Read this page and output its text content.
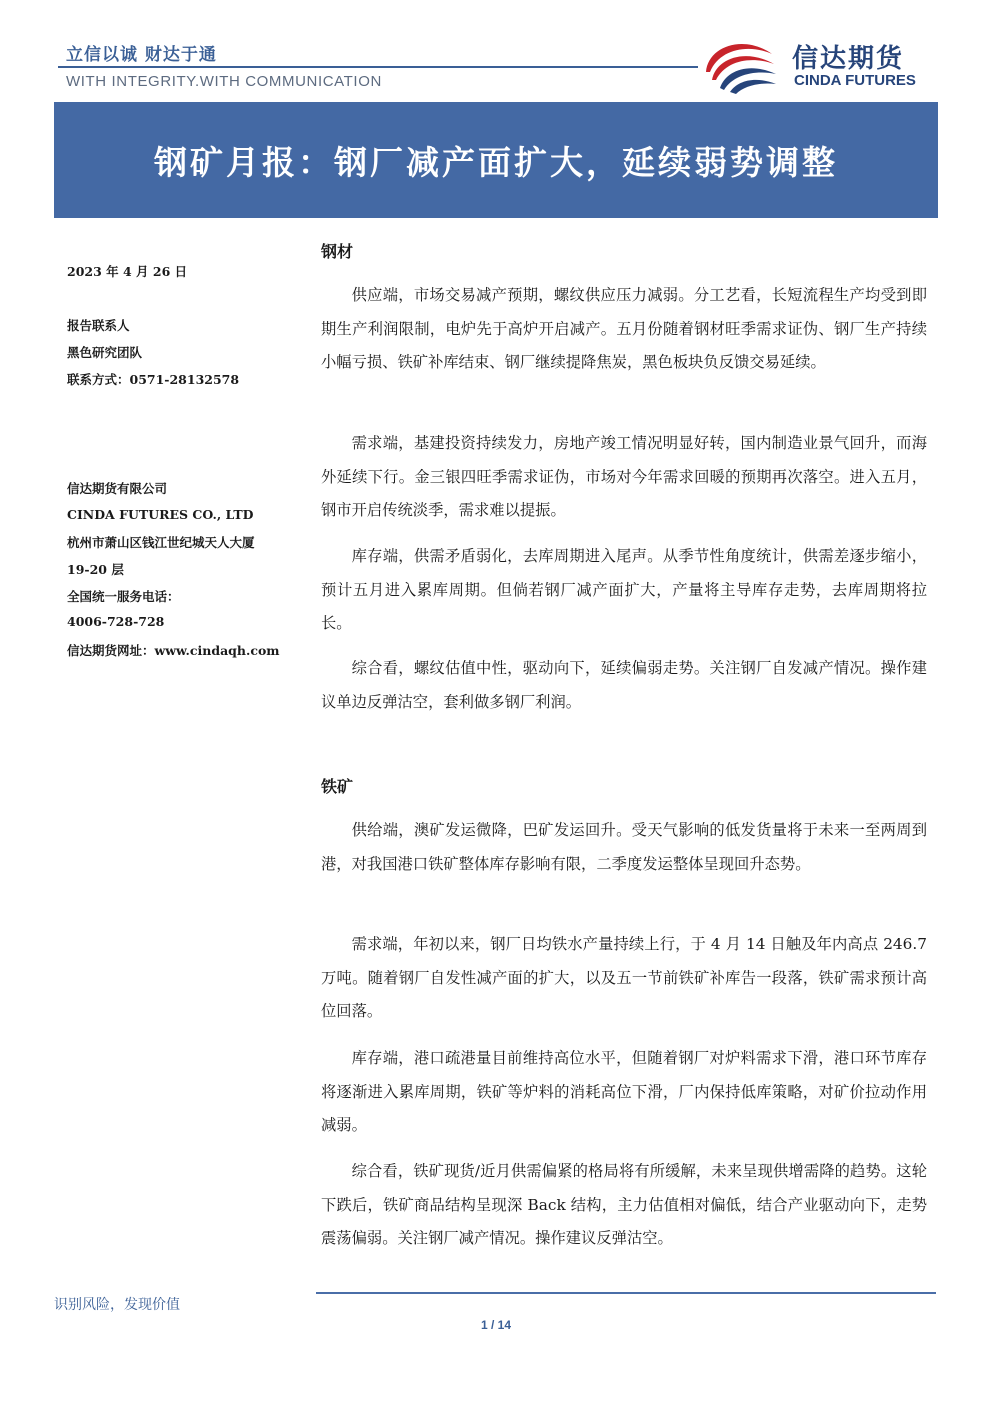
立信以诚 财达于通
WITH INTEGRITY.WITH COMMUNICATION
信达期货
CINDA FUTURES
钢矿月报：钢厂减产面扩大，延续弱势调整
2023 年 4 月 26 日
报告联系人
黑色研究团队
联系方式：0571-28132578
信达期货有限公司
CINDA FUTURES CO., LTD
杭州市萧山区钱江世纪城天人大厦
19-20 层
全国统一服务电话：
4006-728-728
信达期货网址：www.cindaqh.com
钢材

供应端，市场交易减产预期，螺纹供应压力减弱。分工艺看，长短流程生产均受到即期生产利润限制，电炉先于高炉开启减产。五月份随着钢材旺季需求证伪、钢厂生产持续小幅亏损、铁矿补库结束、钢厂继续提降焦炭，黑色板块负反馈交易延续。

需求端，基建投资持续发力，房地产竣工情况明显好转，国内制造业景气回升，而海外延续下行。金三银四旺季需求证伪，市场对今年需求回暖的预期再次落空。进入五月，钢市开启传统淡季，需求难以提振。

库存端，供需矛盾弱化，去库周期进入尾声。从季节性角度统计，供需差逐步缩小，预计五月进入累库周期。但倘若钢厂减产面扩大，产量将主导库存走势，去库周期将拉长。

综合看，螺纹估值中性，驱动向下，延续偏弱走势。关注钢厂自发减产情况。操作建议单边反弹沽空，套利做多钢厂利润。

铁矿

供给端，澳矿发运微降，巴矿发运回升。受天气影响的低发货量将于未来一至两周到港，对我国港口铁矿整体库存影响有限，二季度发运整体呈现回升态势。

需求端，年初以来，钢厂日均铁水产量持续上行，于 4 月 14 日触及年内高点 246.7 万吨。随着钢厂自发性减产面的扩大，以及五一节前铁矿补库告一段落，铁矿需求预计高位回落。

库存端，港口疏港量目前维持高位水平，但随着钢厂对炉料需求下滑，港口环节库存将逐渐进入累库周期，铁矿等炉料的消耗高位下滑，厂内保持低库策略，对矿价拉动作用减弱。

综合看，铁矿现货/近月供需偏紧的格局将有所缓解，未来呈现供增需降的趋势。这轮下跌后，铁矿商品结构呈现深 Back 结构，主力估值相对偏低，结合产业驱动向下，走势震荡偏弱。关注钢厂减产情况。操作建议反弹沽空。

识别风险，发现价值
1 / 14
